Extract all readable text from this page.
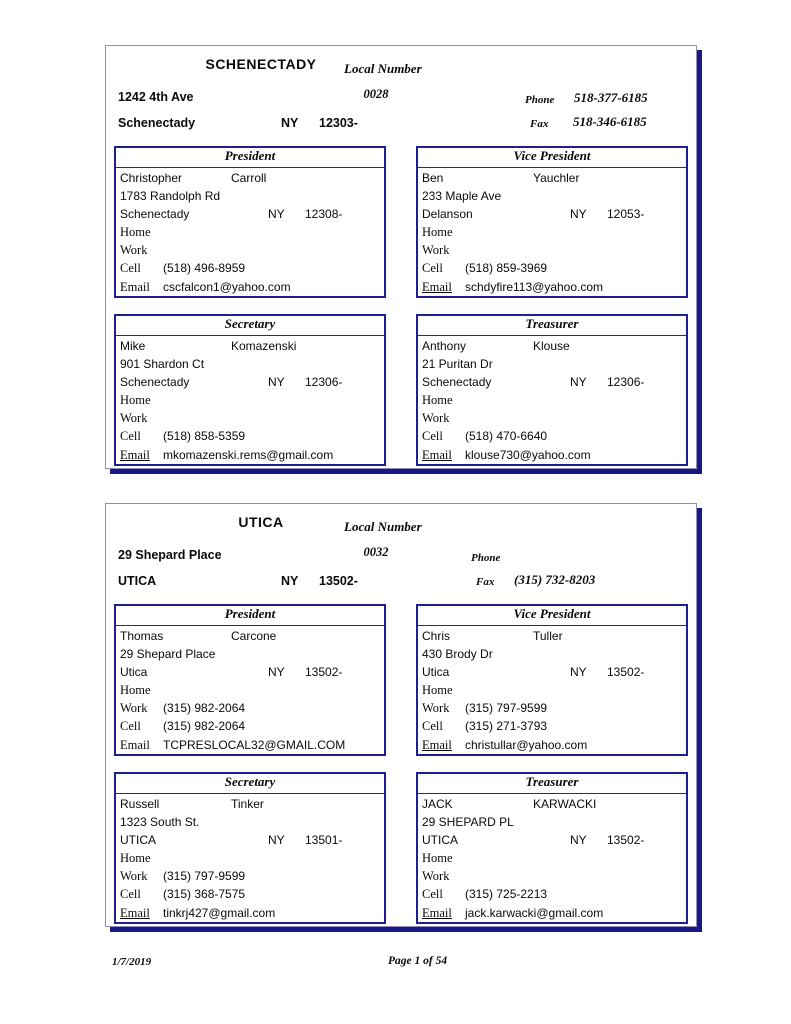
1/7/2019	Page 1 of 54
SCHENECTADY	Local Number
0028
1242 4th Ave
Schenectady	NY 12303-
Phone 518-377-6185
Fax 518-346-6185
President
Christopher	Carroll
1783 Randolph Rd
Schenectady	NY 12308-
Home
Work
Cell (518) 496-8959
Email cscfalcon1@yahoo.com
Vice President
Ben	Yauchler
233 Maple Ave
Delanson	NY 12053-
Home
Work
Cell (518) 859-3969
Email schdyfire113@yahoo.com
Secretary
Mike	Komazenski
901 Shardon Ct
Schenectady	NY 12306-
Home
Work
Cell (518) 858-5359
Email mkomazenski.rems@gmail.com
Treasurer
Anthony	Klouse
21 Puritan Dr
Schenectady	NY 12306-
Home
Work
Cell (518) 470-6640
Email klouse730@yahoo.com
UTICA	Local Number
0032
29 Shepard Place
UTICA	NY 13502-
Phone
Fax (315) 732-8203
President
Thomas	Carcone
29 Shepard Place
Utica	NY 13502-
Home
Work (315) 982-2064
Cell (315) 982-2064
Email TCPRESLOCAL32@GMAIL.COM
Vice President
Chris	Tuller
430 Brody Dr
Utica	NY 13502-
Home
Work (315) 797-9599
Cell (315) 271-3793
Email christullar@yahoo.com
Secretary
Russell	Tinker
1323 South St.
UTICA	NY 13501-
Home
Work (315) 797-9599
Cell (315) 368-7575
Email tinkrj427@gmail.com
Treasurer
JACK	KARWACKI
29 SHEPARD PL
UTICA	NY 13502-
Home
Work
Cell (315) 725-2213
Email jack.karwacki@gmail.com
